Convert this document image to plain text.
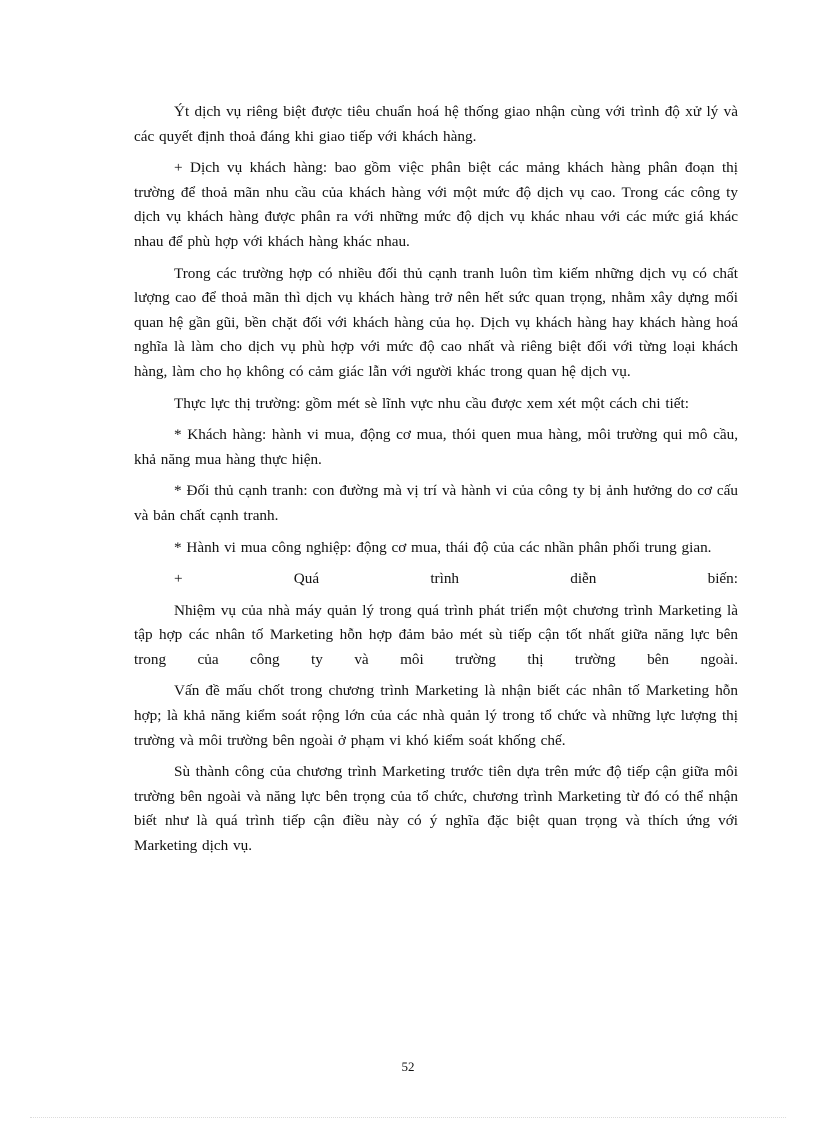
Ýt dịch vụ riêng biệt được tiêu chuẩn hoá hệ thống giao nhận cùng với trình độ xử lý và các quyết định thoả đáng khi giao tiếp với khách hàng.

+ Dịch vụ khách hàng: bao gồm việc phân biệt các mảng khách hàng phân đoạn thị trường để thoả mãn nhu cầu của khách hàng với một mức độ dịch vụ cao. Trong các công ty dịch vụ khách hàng được phân ra với những mức độ dịch vụ khác nhau với các mức giá khác nhau để phù hợp với khách hàng khác nhau.

Trong các trường hợp có nhiều đối thủ cạnh tranh luôn tìm kiếm những dịch vụ có chất lượng cao để thoả mãn thì dịch vụ khách hàng trở nên hết sức quan trọng, nhằm xây dựng mối quan hệ gần gũi, bền chặt đối với khách hàng của họ. Dịch vụ khách hàng hay khách hàng hoá nghĩa là làm cho dịch vụ phù hợp với mức độ cao nhất và riêng biệt đối với từng loại khách hàng, làm cho họ không có cảm giác lẫn với người khác trong quan hệ dịch vụ.

Thực lực thị trường: gồm mét sè lĩnh vực nhu cầu được xem xét một cách chi tiết:

* Khách hàng: hành vi mua, động cơ mua, thói quen mua hàng, môi trường qui mô cầu, khả năng mua hàng thực hiện.

* Đối thủ cạnh tranh: con đường mà vị trí và hành vi của công ty bị ảnh hưởng do cơ cấu và bản chất cạnh tranh.

* Hành vi mua công nghiệp: động cơ mua, thái độ của các nhần phân phối trung gian.

+ Quá trình diễn biến:

Nhiệm vụ của nhà máy quản lý trong quá trình phát triển một chương trình Marketing là tập hợp các nhân tố Marketing hỗn hợp đảm bảo mét sù tiếp cận tốt nhất giữa năng lực bên trong của công ty và môi trường thị trường bên ngoài.

Vấn đề mấu chốt trong chương trình Marketing là nhận biết các nhân tố Marketing hỗn hợp; là khả năng kiểm soát rộng lớn của các nhà quản lý trong tổ chức và những lực lượng thị trường và môi trường bên ngoài ở phạm vi khó kiểm soát khống chế.

Sù thành công của chương trình Marketing trước tiên dựa trên mức độ tiếp cận giữa môi trường bên ngoài và năng lực bên trọng của tổ chức, chương trình Marketing từ đó có thể nhận biết như là quá trình tiếp cận điều này có ý nghĩa đặc biệt quan trọng và thích ứng với Marketing dịch vụ.

52
